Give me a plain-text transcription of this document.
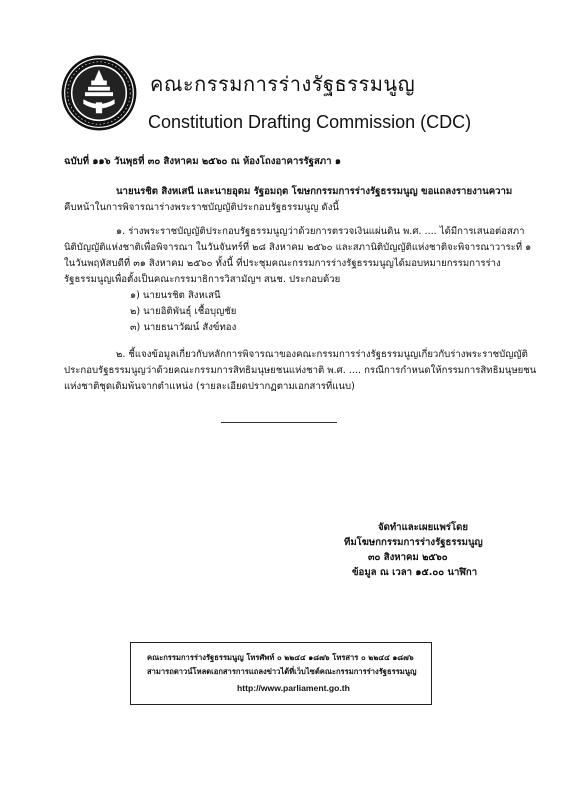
คณะกรรมการร่างรัฐธรรมนูญ
Constitution Drafting Commission (CDC)
ฉบับที่ ๑๑๖ วันพุธที่ ๓๐ สิงหาคม ๒๕๖๐ ณ ห้องโถงอาคารรัฐสภา ๑
นายนรชิต สิงหเสนี และนายอุดม รัฐอมฤต โฆษกกรรมการร่างรัฐธรรมนูญ ขอแถลงรายงานความ
คืบหน้าในการพิจารณาร่างพระราชบัญญัติประกอบรัฐธรรมนูญ ดังนี้
๑. ร่างพระราชบัญญัติประกอบรัฐธรรมนูญว่าด้วยการตรวจเงินแผ่นดิน พ.ศ. .... ได้มีการเสนอต่อสภา
นิติบัญญัติแห่งชาติเพื่อพิจารณา ในวันจันทร์ที่ ๒๘ สิงหาคม ๒๕๖๐ และสภานิติบัญญัติแห่งชาติจะพิจารณาวาระที่ ๑
ในวันพฤหัสบดีที่ ๓๑ สิงหาคม ๒๕๖๐ ทั้งนี้ ที่ประชุมคณะกรรมการร่างรัฐธรรมนูญได้มอบหมายกรรมการร่าง
รัฐธรรมนูญเพื่อตั้งเป็นคณะกรรมาธิการวิสามัญฯ สนช. ประกอบด้วย
๑) นายนรชิต สิงหเสนี
๒) นายอิติพันธุ์ เชื้อบุญชัย
๓) นายธนาวัฒน์ สังข์ทอง
๒. ชี้แจงข้อมูลเกี่ยวกับหลักการพิจารณาของคณะกรรมการร่างรัฐธรรมนูญเกี่ยวกับร่างพระราชบัญญัติ
ประกอบรัฐธรรมนูญว่าด้วยคณะกรรมการสิทธิมนุษยชนแห่งชาติ พ.ศ. .... กรณีการกำหนดให้กรรมการสิทธิมนุษยชน
แห่งชาติชุดเดิมพ้นจากตำแหน่ง (รายละเอียดปรากฏตามเอกสารที่แนบ)
จัดทำและเผยแพร่โดย
ทีมโฆษกกรรมการร่างรัฐธรรมนูญ
๓๐ สิงหาคม ๒๕๖๐
ข้อมูล ณ เวลา ๑๕.๐๐ นาฬิกา
คณะกรรมการร่างรัฐธรรมนูญ โทรศัพท์ ๐ ๒๒๔๔ ๑๘๗๖ โทรสาร ๐ ๒๒๔๔ ๑๘๗๖
สามารถดาวน์โหลดเอกสารการแถลงข่าวได้ที่เว็บไซต์คณะกรรมการร่างรัฐธรรมนูญ
http://www.parliament.go.th
